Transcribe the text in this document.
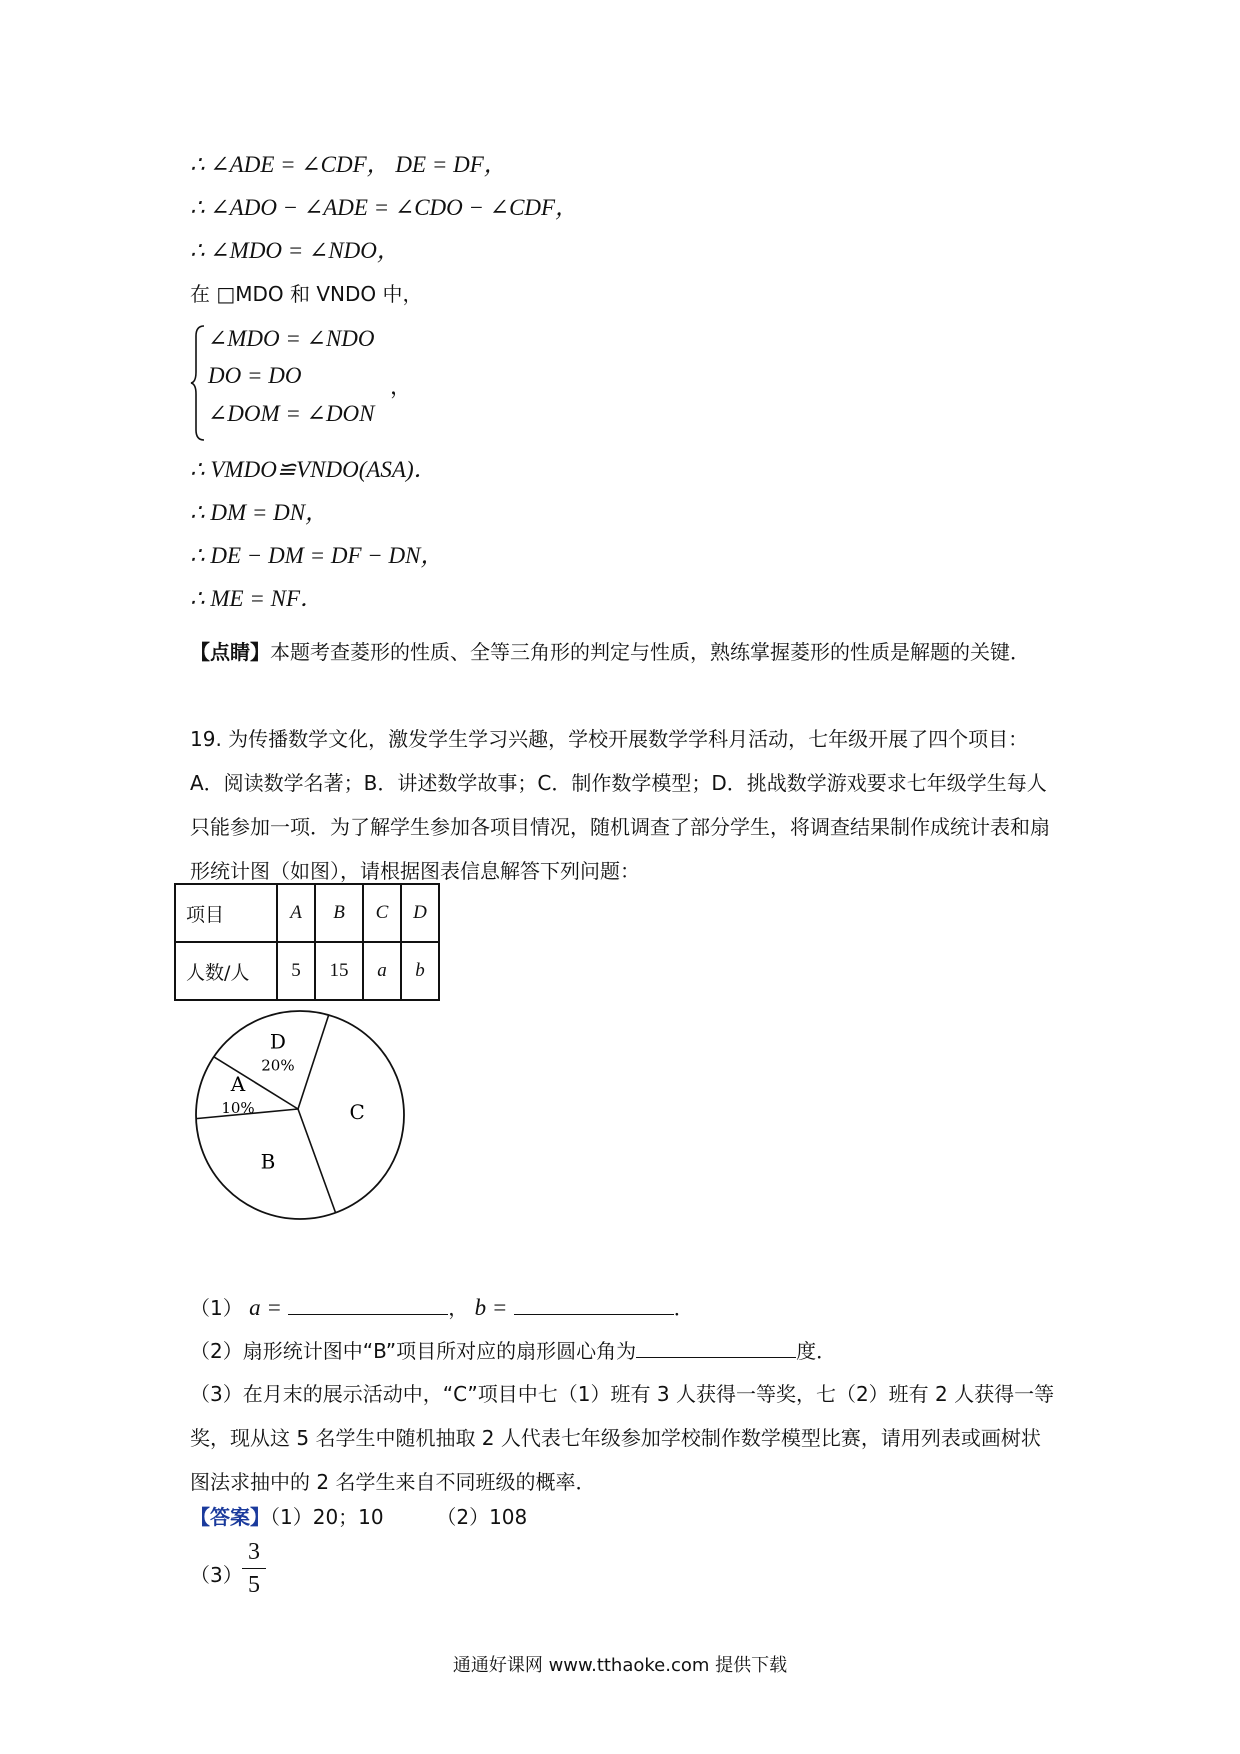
∴ ∠ADE = ∠CDF， DE = DF，
∴ ∠ADO − ∠ADE = ∠CDO − ∠CDF，
∴ ∠MDO = ∠NDO，
在 □MDO 和 VNDO 中，
∠MDO = ∠NDO
DO = DO
∠DOM = ∠DON
，
∴ VMDO≌VNDO(ASA)．
∴ DM = DN，
∴ DE − DM = DF − DN，
∴ ME = NF．
【点睛】本题考查菱形的性质、全等三角形的判定与性质，熟练掌握菱形的性质是解题的关键．
19. 为传播数学文化，激发学生学习兴趣，学校开展数学学科月活动，七年级开展了四个项目：A．阅读数学名著；B．讲述数学故事；C．制作数学模型；D．挑战数学游戏要求七年级学生每人只能参加一项．为了解学生参加各项目情况，随机调查了部分学生，将调查结果制作成统计表和扇形统计图（如图），请根据图表信息解答下列问题：
项目	A	B	C	D
人数/人	5	15	a	b
C
B
A
10%
D
20%
（1） a =	， b =	．
（2）扇形统计图中“B”项目所对应的扇形圆心角为	度．
（3）在月末的展示活动中，“C”项目中七（1）班有 3 人获得一等奖，七（2）班有 2 人获得一等奖，现从这 5 名学生中随机抽取 2 人代表七年级参加学校制作数学模型比赛，请用列表或画树状图法求抽中的 2 名学生来自不同班级的概率．
【答案】（1）20；10	（2）108
（3）
3
5
通通好课网 www.tthaoke.com 提供下载
